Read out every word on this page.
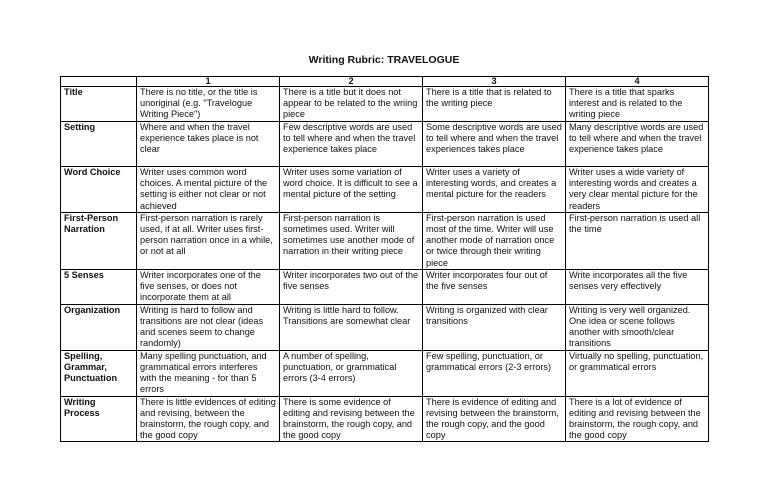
Writing Rubric: TRAVELOGUE
	1	2	3	4
Title	There is no title, or the title is unoriginal (e.g. "Travelogue Writing Piece")	There is a title but it does not appear to be related to the wriing piece	There is a title that is related to the writing piece	There is a title that sparks interest and is related to the writing piece
Setting	Where and when the travel experience takes place is not clear	Few descriptive words are used to tell where and when the travel experience takes place	Some descriptive words are used to tell where and when the travel experiences takes place	Many descriptive words are used to tell where and when the travel experience takes place
Word Choice	Writer uses common word choices. A mental picture of the setting is either not clear or not achieved	Writer uses some variation of word choice. It is difficult to see a mental picture of the setting	Writer uses a variety of interesting words, and creates a mental picture for the readers	Writer uses a wide variety of interesting words and creates a very clear mental picture for the readers
First-Person Narration	First-person narration is rarely used, if at all. Writer uses first-person narration once in a while, or not at all	First-person narration is sometimes used. Writer will sometimes use another mode of narration in their writing piece	First-person narration is used most of the time. Writer will use another mode of narration once or twice through their writing piece	First-person narration is used all the time
5 Senses	Writer incorporates one of the five senses, or does not incorporate them at all	Writer incorporates two out of the five senses	Writer incorporates four out of the five senses	Write incorporates all the five senses very effectively
Organization	Writing is hard to follow and transitions are not clear (ideas and scenes seem to change randomly)	Writing is little hard to follow. Transitions are somewhat clear	Writing is organized with clear transitions	Writing is very well organized. One idea or scene follows another with smooth/clear transitions
Spelling, Grammar, Punctuation	Many spelling punctuation, and grammatical errors interferes with the meaning - for than 5 errors	A number of spelling, punctuation, or grammatical errors (3-4 errors)	Few spelling, punctuation, or grammatical errors (2-3 errors)	Virtually no spelling, punctuation, or grammatical errors
Writing Process	There is little evidences of editing and revising, between the brainstorm, the rough copy, and the good copy	There is some evidence of editing and revising between the brainstorm, the rough copy, and the good copy	There is evidence of editing and revising between the brainstorm, the rough copy, and the good copy	There is a lot of evidence of editing and revising between the brainstorm, the rough copy, and the good copy
